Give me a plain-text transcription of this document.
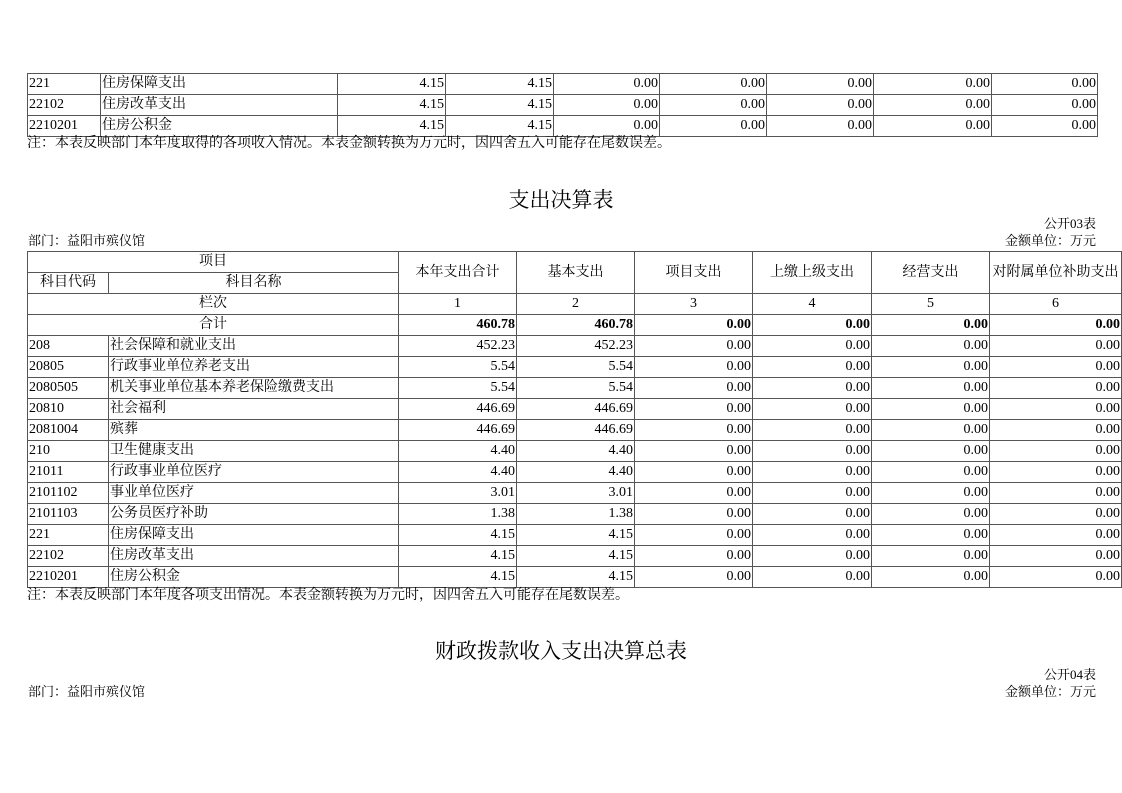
221	住房保障支出	4.15	4.15	0.00	0.00	0.00	0.00	0.00
22102	住房改革支出	4.15	4.15	0.00	0.00	0.00	0.00	0.00
2210201	住房公积金	4.15	4.15	0.00	0.00	0.00	0.00	0.00
注：本表反映部门本年度取得的各项收入情况。本表金额转换为万元时，因四舍五入可能存在尾数误差。
支出决算表
公开03表
部门：益阳市殡仪馆	金额单位：万元
项目		本年支出合计	基本支出	项目支出	上缴上级支出	经营支出	对附属单位补助支出
科目代码	科目名称						
栏次		1	2	3	4	5	6
合计		460.78	460.78	0.00	0.00	0.00	0.00
208	社会保障和就业支出	452.23	452.23	0.00	0.00	0.00	0.00
20805	行政事业单位养老支出	5.54	5.54	0.00	0.00	0.00	0.00
2080505	机关事业单位基本养老保险缴费支出	5.54	5.54	0.00	0.00	0.00	0.00
20810	社会福利	446.69	446.69	0.00	0.00	0.00	0.00
2081004	殡葬	446.69	446.69	0.00	0.00	0.00	0.00
210	卫生健康支出	4.40	4.40	0.00	0.00	0.00	0.00
21011	行政事业单位医疗	4.40	4.40	0.00	0.00	0.00	0.00
2101102	事业单位医疗	3.01	3.01	0.00	0.00	0.00	0.00
2101103	公务员医疗补助	1.38	1.38	0.00	0.00	0.00	0.00
221	住房保障支出	4.15	4.15	0.00	0.00	0.00	0.00
22102	住房改革支出	4.15	4.15	0.00	0.00	0.00	0.00
2210201	住房公积金	4.15	4.15	0.00	0.00	0.00	0.00
注：本表反映部门本年度各项支出情况。本表金额转换为万元时，因四舍五入可能存在尾数误差。
财政拨款收入支出决算总表
公开04表
部门：益阳市殡仪馆	金额单位：万元
